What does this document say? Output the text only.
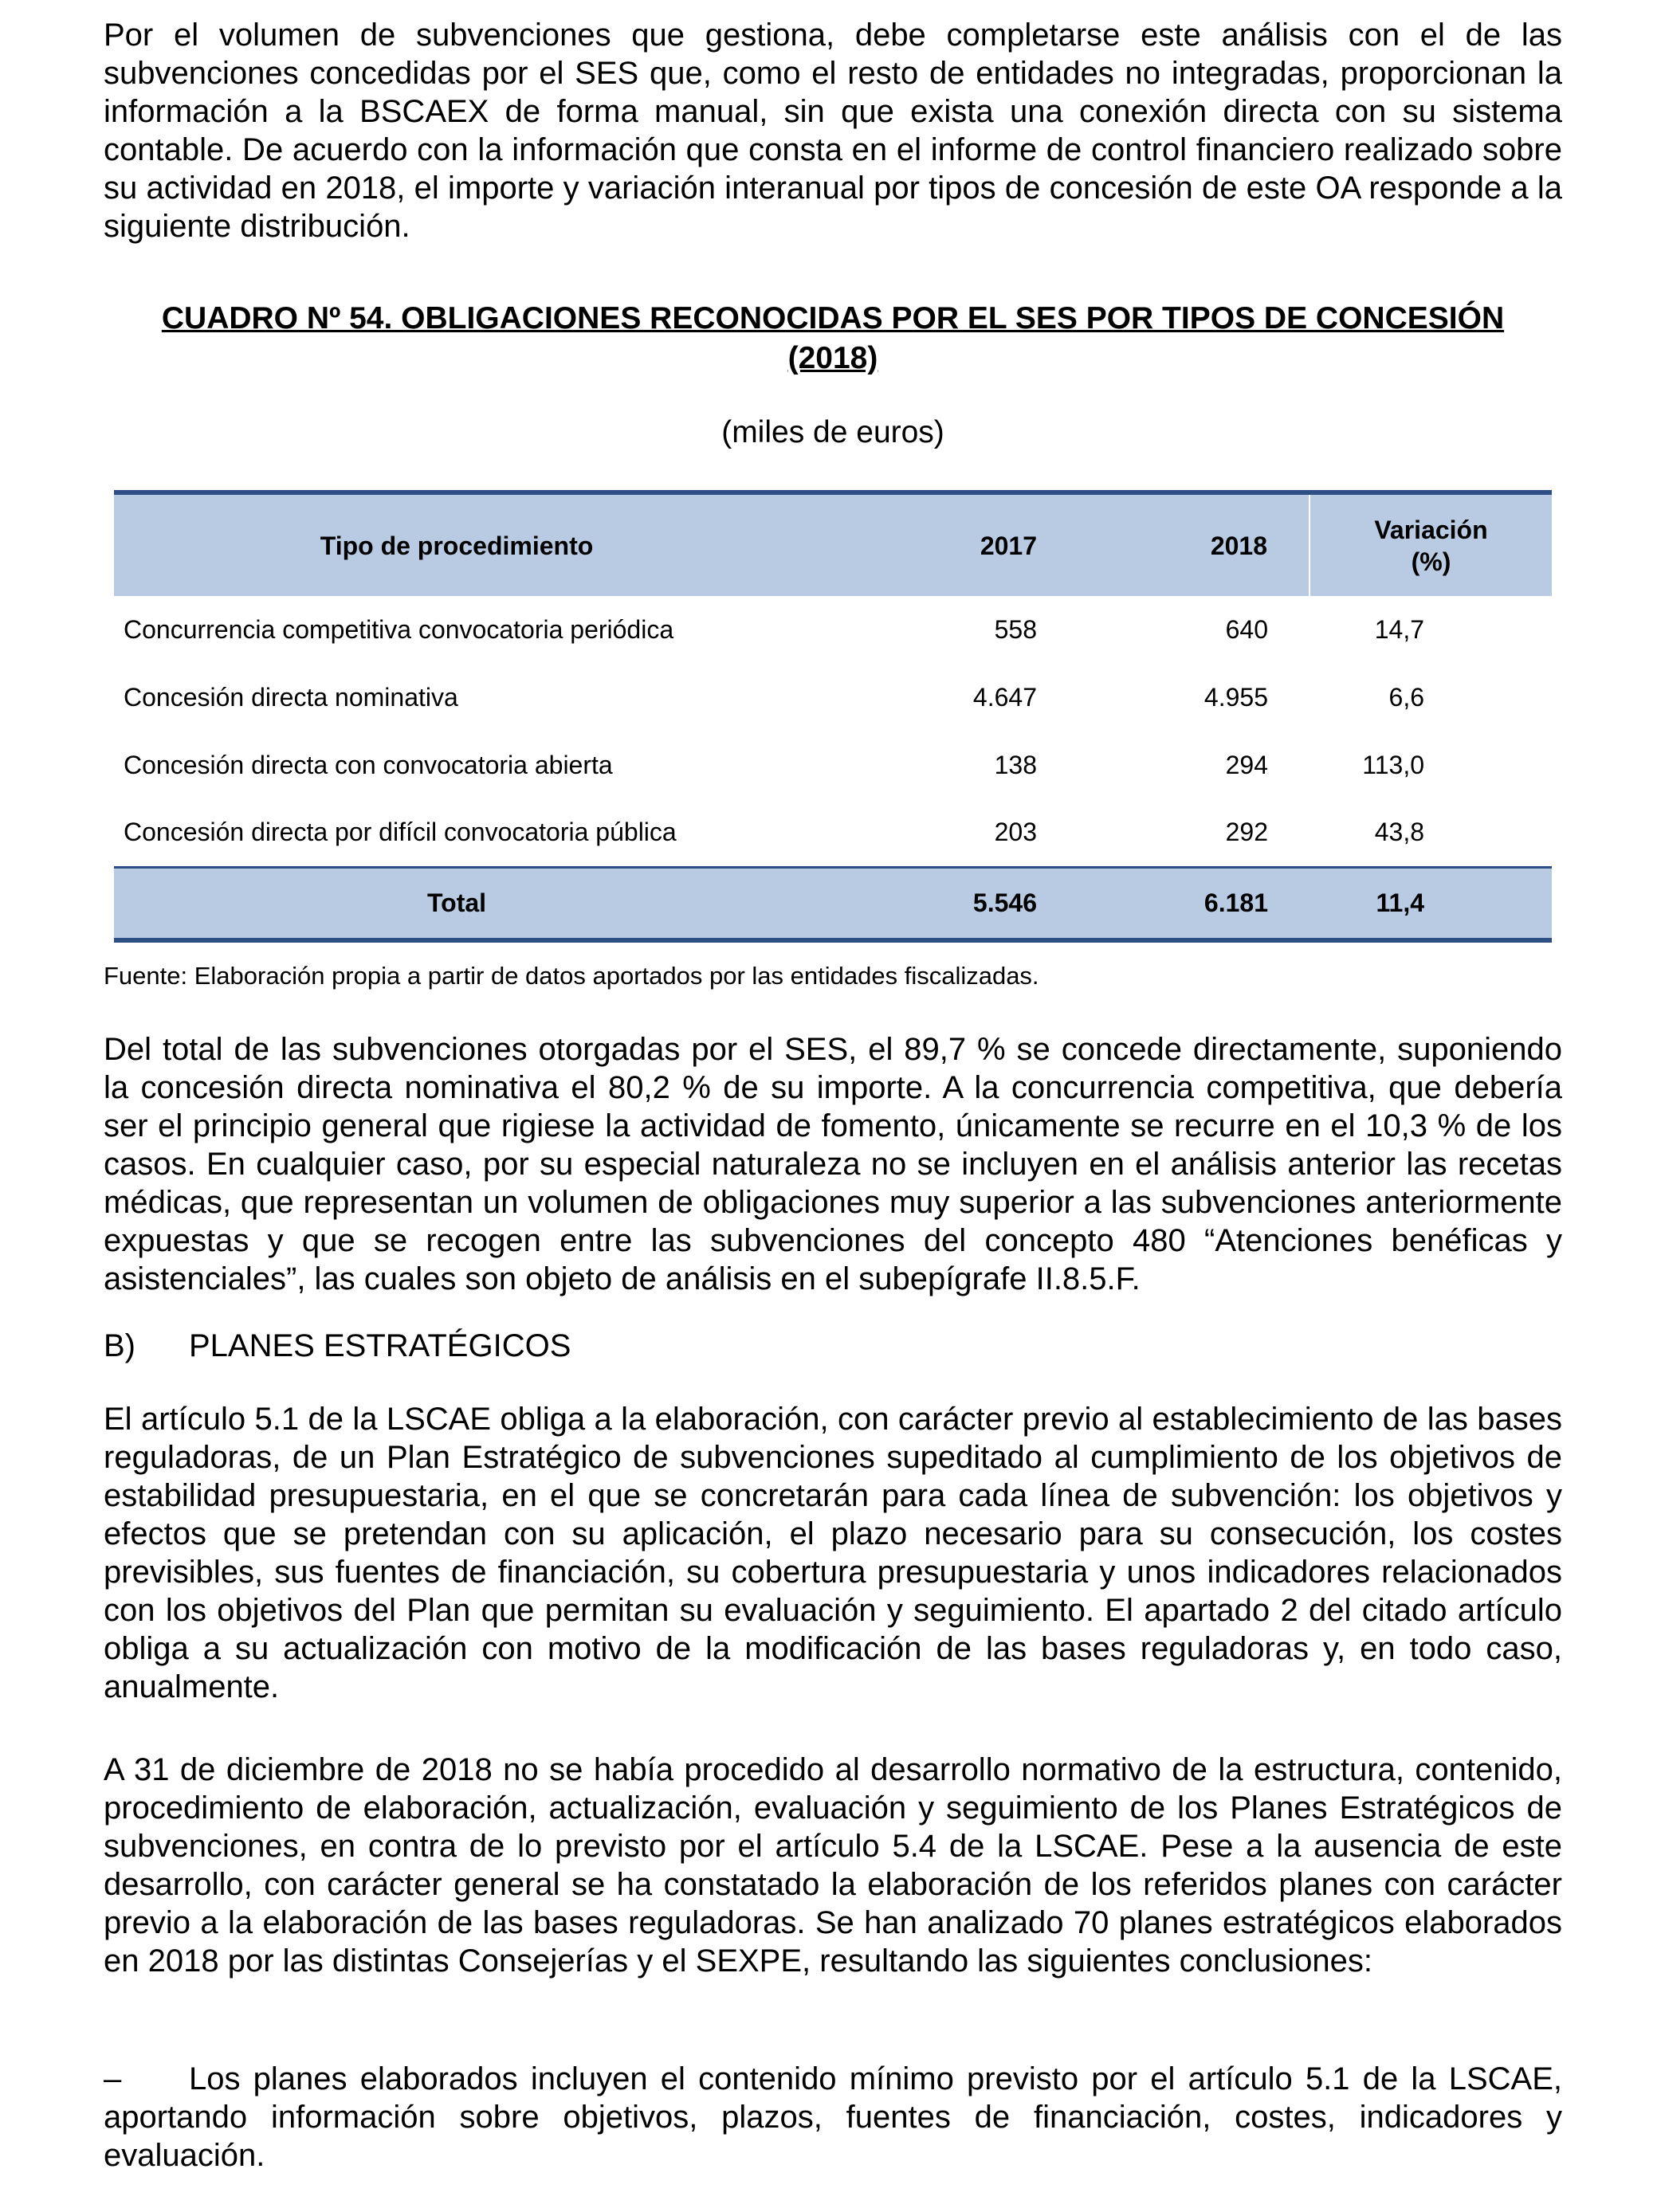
Por el volumen de subvenciones que gestiona, debe completarse este análisis con el de las subvenciones concedidas por el SES que, como el resto de entidades no integradas, proporcionan la información a la BSCAEX de forma manual, sin que exista una conexión directa con su sistema contable. De acuerdo con la información que consta en el informe de control financiero realizado sobre su actividad en 2018, el importe y variación interanual por tipos de concesión de este OA responde a la siguiente distribución.

CUADRO Nº 54. OBLIGACIONES RECONOCIDAS POR EL SES POR TIPOS DE CONCESIÓN
(2018)
(miles de euros)
Tipo de procedimiento	2017	2018	Variación
(%)

Concurrencia competitiva convocatoria periódica	558	640	14,7
Concesión directa nominativa	4.647	4.955	6,6
Concesión directa con convocatoria abierta	138	294	113,0
Concesión directa por difícil convocatoria pública	203	292	43,8
Total	5.546	6.181	11,4
Fuente: Elaboración propia a partir de datos aportados por las entidades fiscalizadas.

Del total de las subvenciones otorgadas por el SES, el 89,7 % se concede directamente, suponiendo la concesión directa nominativa el 80,2 % de su importe. A la concurrencia competitiva, que debería ser el principio general que rigiese la actividad de fomento, únicamente se recurre en el 10,3 % de los casos. En cualquier caso, por su especial naturaleza no se incluyen en el análisis anterior las recetas médicas, que representan un volumen de obligaciones muy superior a las subvenciones anteriormente expuestas y que se recogen entre las subvenciones del concepto 480 “Atenciones benéficas y asistenciales”, las cuales son objeto de análisis en el subepígrafe II.8.5.F.

B) PLANES ESTRATÉGICOS

El artículo 5.1 de la LSCAE obliga a la elaboración, con carácter previo al establecimiento de las bases reguladoras, de un Plan Estratégico de subvenciones supeditado al cumplimiento de los objetivos de estabilidad presupuestaria, en el que se concretarán para cada línea de subvención: los objetivos y efectos que se pretendan con su aplicación, el plazo necesario para su consecución, los costes previsibles, sus fuentes de financiación, su cobertura presupuestaria y unos indicadores relacionados con los objetivos del Plan que permitan su evaluación y seguimiento. El apartado 2 del citado artículo obliga a su actualización con motivo de la modificación de las bases reguladoras y, en todo caso, anualmente.

A 31 de diciembre de 2018 no se había procedido al desarrollo normativo de la estructura, contenido, procedimiento de elaboración, actualización, evaluación y seguimiento de los Planes Estratégicos de subvenciones, en contra de lo previsto por el artículo 5.4 de la LSCAE. Pese a la ausencia de este desarrollo, con carácter general se ha constatado la elaboración de los referidos planes con carácter previo a la elaboración de las bases reguladoras. Se han analizado 70 planes estratégicos elaborados en 2018 por las distintas Consejerías y el SEXPE, resultando las siguientes conclusiones:

– Los planes elaborados incluyen el contenido mínimo previsto por el artículo 5.1 de la LSCAE, aportando información sobre objetivos, plazos, fuentes de financiación, costes, indicadores y evaluación.
